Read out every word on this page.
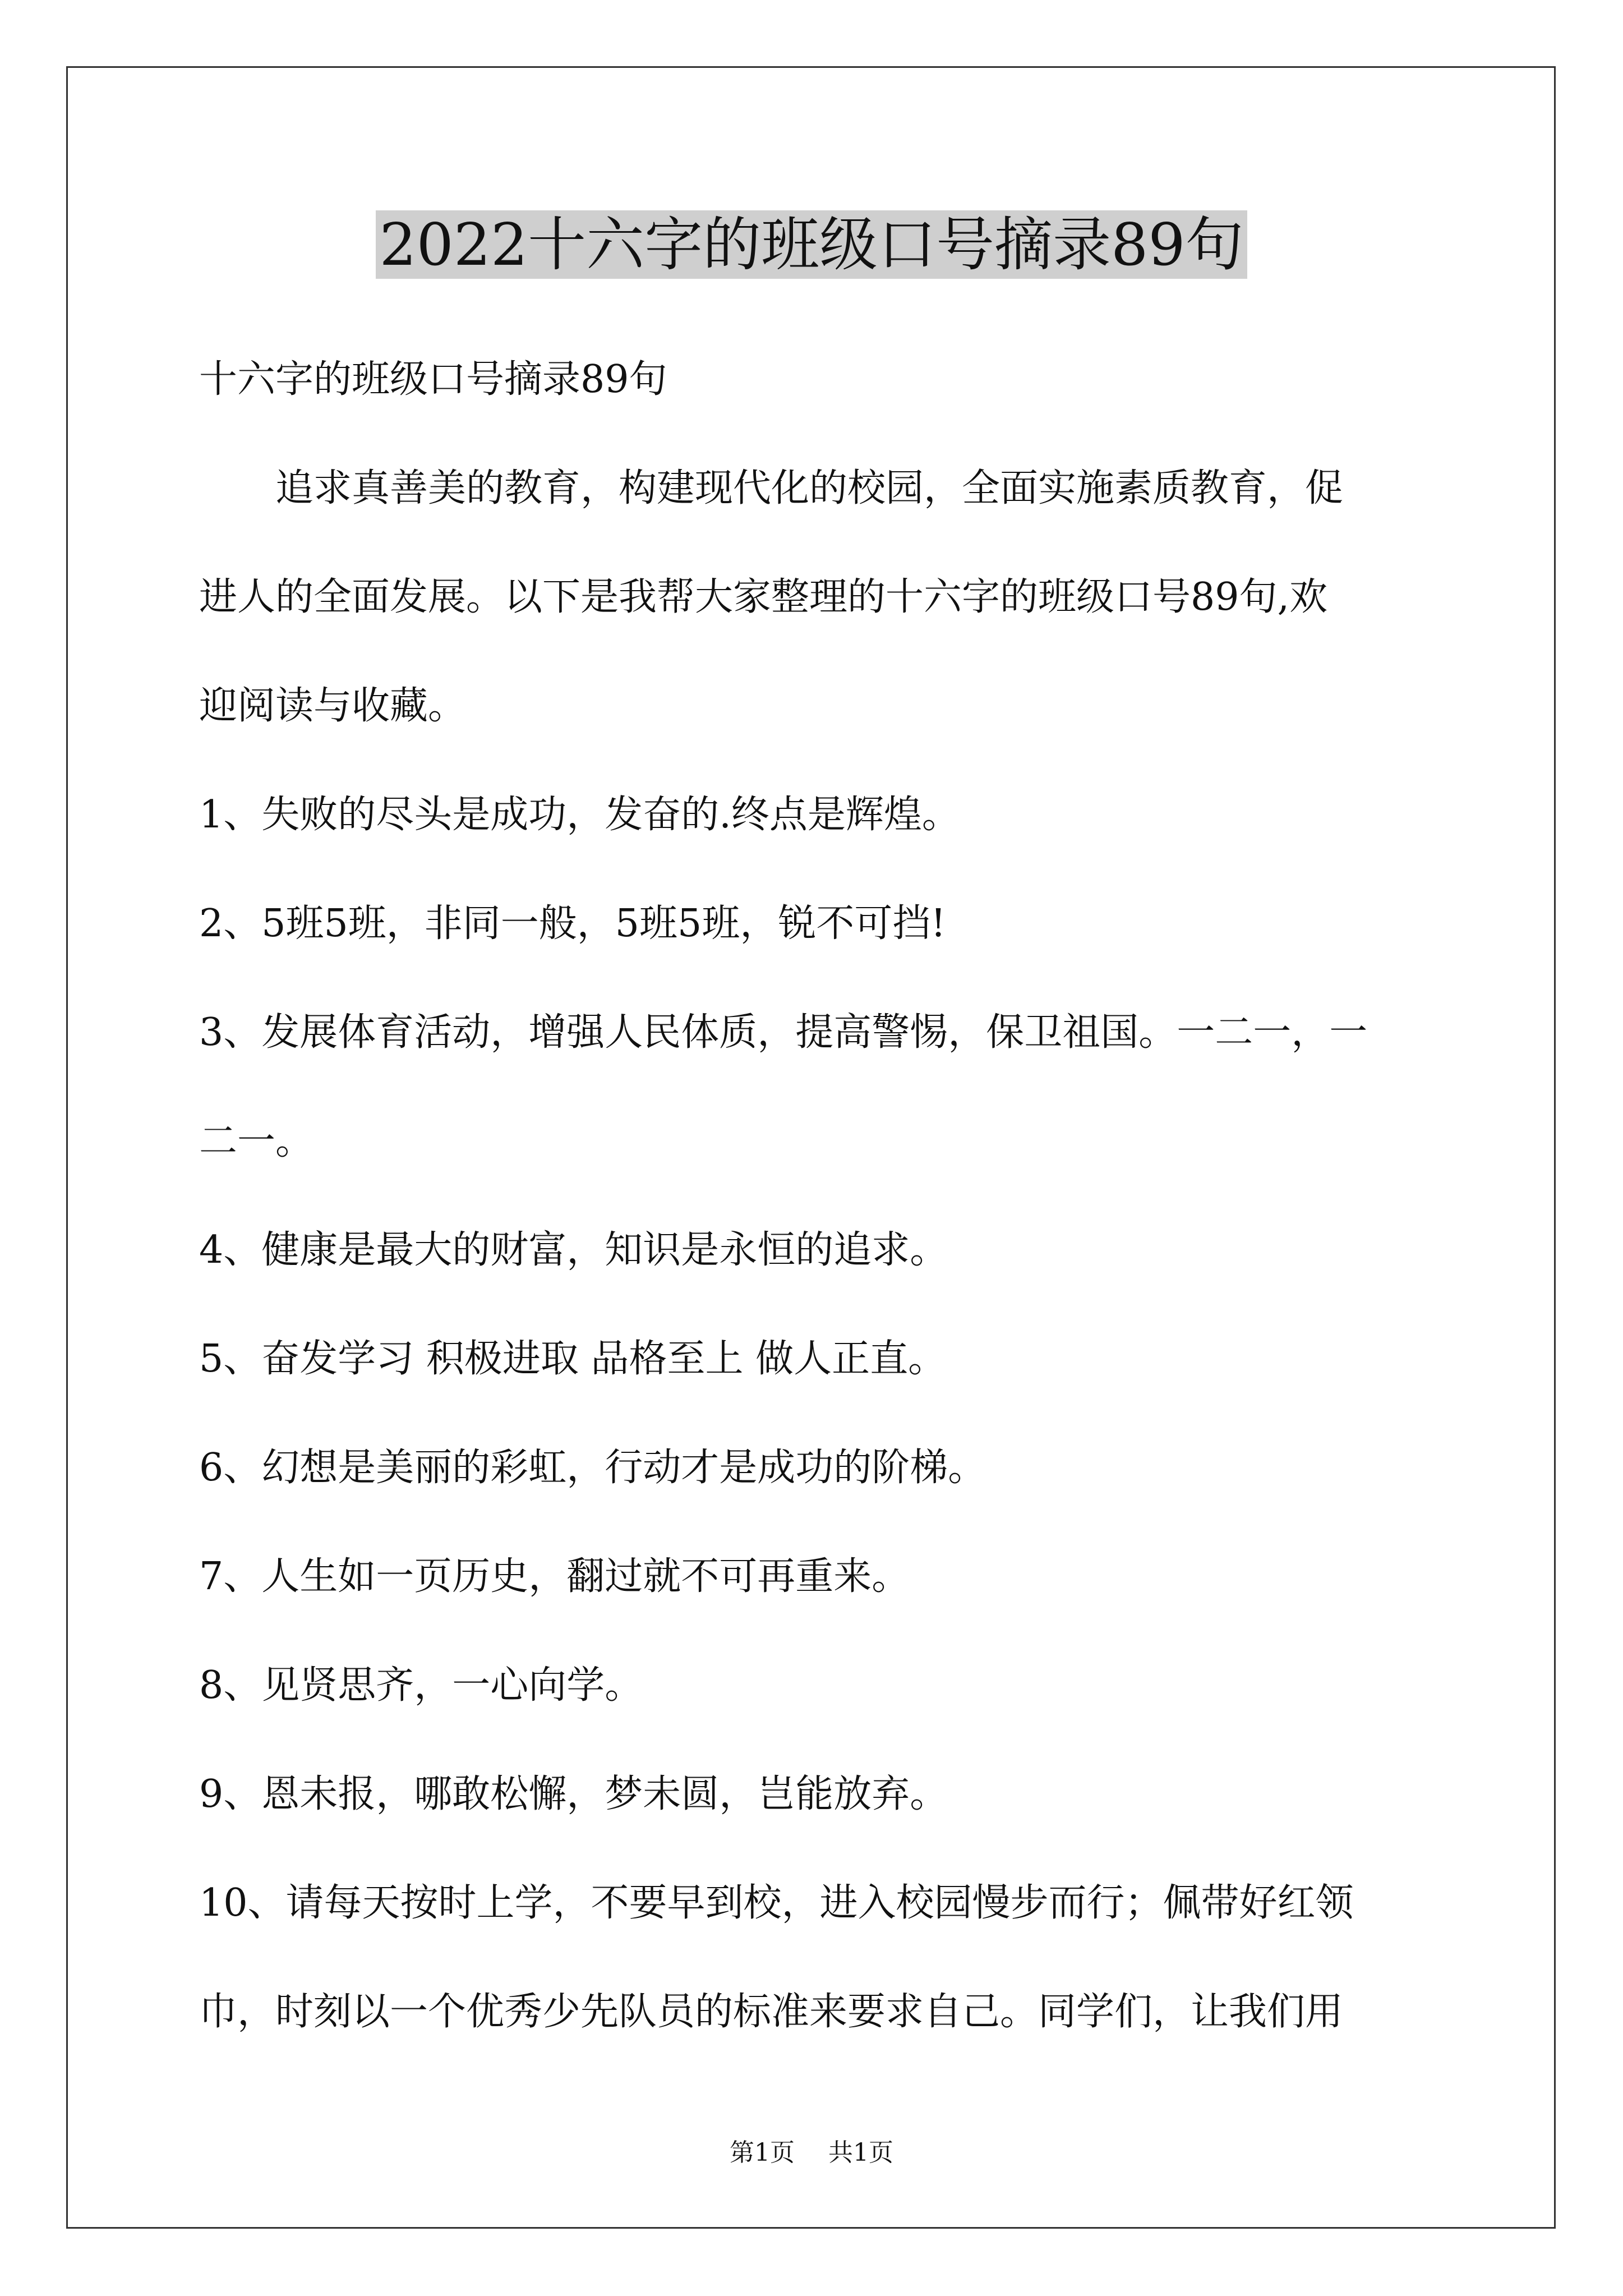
2022十六字的班级口号摘录89句
十六字的班级口号摘录89句
　　追求真善美的教育，构建现代化的校园，全面实施素质教育，促
进人的全面发展。以下是我帮大家整理的十六字的班级口号89句,欢
迎阅读与收藏。
1、失败的尽头是成功，发奋的.终点是辉煌。
2、5班5班，非同一般，5班5班，锐不可挡!
3、发展体育活动，增强人民体质，提高警惕，保卫祖国。一二一，一
二一。
4、健康是最大的财富，知识是永恒的追求。
5、奋发学习 积极进取 品格至上 做人正直。
6、幻想是美丽的彩虹，行动才是成功的阶梯。
7、人生如一页历史，翻过就不可再重来。
8、见贤思齐，一心向学。
9、恩未报，哪敢松懈，梦未圆，岂能放弃。
10、请每天按时上学，不要早到校，进入校园慢步而行；佩带好红领
巾，时刻以一个优秀少先队员的标准来要求自己。同学们，让我们用
第1页 共1页
